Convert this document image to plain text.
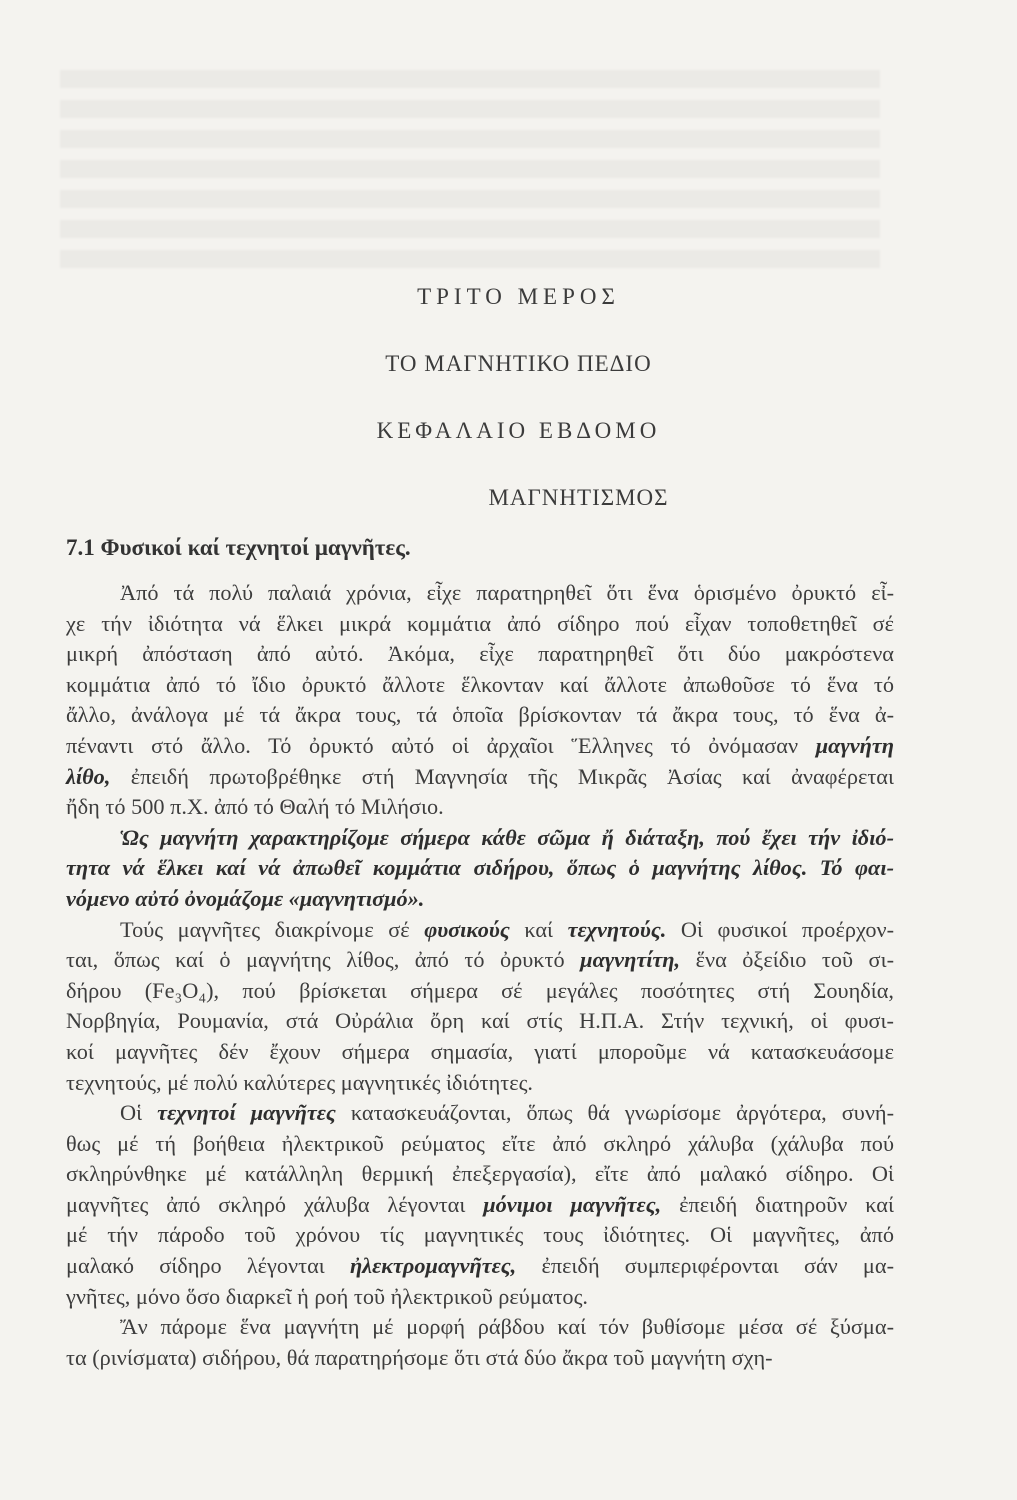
ΤΡΙΤΟ ΜΕΡΟΣ
ΤΟ ΜΑΓΝΗΤΙΚΟ ΠΕΔΙΟ
ΚΕΦΑΛΑΙΟ ΕΒΔΟΜΟ
ΜΑΓΝΗΤΙΣΜΟΣ
7.1 Φυσικοί καί τεχνητοί μαγνῆτες.
Ἀπό τά πολύ παλαιά χρόνια, εἶχε παρατηρηθεῖ ὅτι ἕνα ὁρισμένο ὀρυκτό εἶ-
χε τήν ἰδιότητα νά ἕλκει μικρά κομμάτια ἀπό σίδηρο πού εἶχαν τοποθετηθεῖ σέ
μικρή ἀπόσταση ἀπό αὐτό. Ἀκόμα, εἶχε παρατηρηθεῖ ὅτι δύο μακρόστενα
κομμάτια ἀπό τό ἴδιο ὀρυκτό ἄλλοτε ἕλκονταν καί ἄλλοτε ἀπωθοῦσε τό ἕνα τό
ἄλλο, ἀνάλογα μέ τά ἄκρα τους, τά ὁποῖα βρίσκονταν τά ἄκρα τους, τό ἕνα ἀ-
πέναντι στό ἄλλο. Τό ὀρυκτό αὐτό οἱ ἀρχαῖοι Ἕλληνες τό ὀνόμασαν μαγνήτη
λίθο, ἐπειδή πρωτοβρέθηκε στή Μαγνησία τῆς Μικρᾶς Ἀσίας καί ἀναφέρεται
ἤδη τό 500 π.Χ. ἀπό τό Θαλή τό Μιλήσιο.
Ὡς μαγνήτη χαρακτηρίζομε σήμερα κάθε σῶμα ἤ διάταξη, πού ἔχει τήν ἰδιό-
τητα νά ἕλκει καί νά ἀπωθεῖ κομμάτια σιδήρου, ὅπως ὁ μαγνήτης λίθος. Τό φαι-
νόμενο αὐτό ὀνομάζομε «μαγνητισμό».
Τούς μαγνῆτες διακρίνομε σέ φυσικούς καί τεχνητούς. Οἱ φυσικοί προέρχον-
ται, ὅπως καί ὁ μαγνήτης λίθος, ἀπό τό ὀρυκτό μαγνητίτη, ἕνα ὀξείδιο τοῦ σι-
δήρου (Fe₃O₄), πού βρίσκεται σήμερα σέ μεγάλες ποσότητες στή Σουηδία,
Νορβηγία, Ρουμανία, στά Οὐράλια ὄρη καί στίς Η.Π.Α. Στήν τεχνική, οἱ φυσι-
κοί μαγνῆτες δέν ἔχουν σήμερα σημασία, γιατί μποροῦμε νά κατασκευάσομε
τεχνητούς, μέ πολύ καλύτερες μαγνητικές ἰδιότητες.
Οἱ τεχνητοί μαγνῆτες κατασκευάζονται, ὅπως θά γνωρίσομε ἀργότερα, συνή-
θως μέ τή βοήθεια ἠλεκτρικοῦ ρεύματος εἴτε ἀπό σκληρό χάλυβα (χάλυβα πού
σκληρύνθηκε μέ κατάλληλη θερμική ἐπεξεργασία), εἴτε ἀπό μαλακό σίδηρο. Οἱ
μαγνῆτες ἀπό σκληρό χάλυβα λέγονται μόνιμοι μαγνῆτες, ἐπειδή διατηροῦν καί
μέ τήν πάροδο τοῦ χρόνου τίς μαγνητικές τους ἰδιότητες. Οἱ μαγνῆτες, ἀπό
μαλακό σίδηρο λέγονται ἠλεκτρομαγνῆτες, ἐπειδή συμπεριφέρονται σάν μα-
γνῆτες, μόνο ὅσο διαρκεῖ ἡ ροή τοῦ ἠλεκτρικοῦ ρεύματος.
Ἄν πάρομε ἕνα μαγνήτη μέ μορφή ράβδου καί τόν βυθίσομε μέσα σέ ξύσμα-
τα (ρινίσματα) σιδήρου, θά παρατηρήσομε ὅτι στά δύο ἄκρα τοῦ μαγνήτη σχη-
